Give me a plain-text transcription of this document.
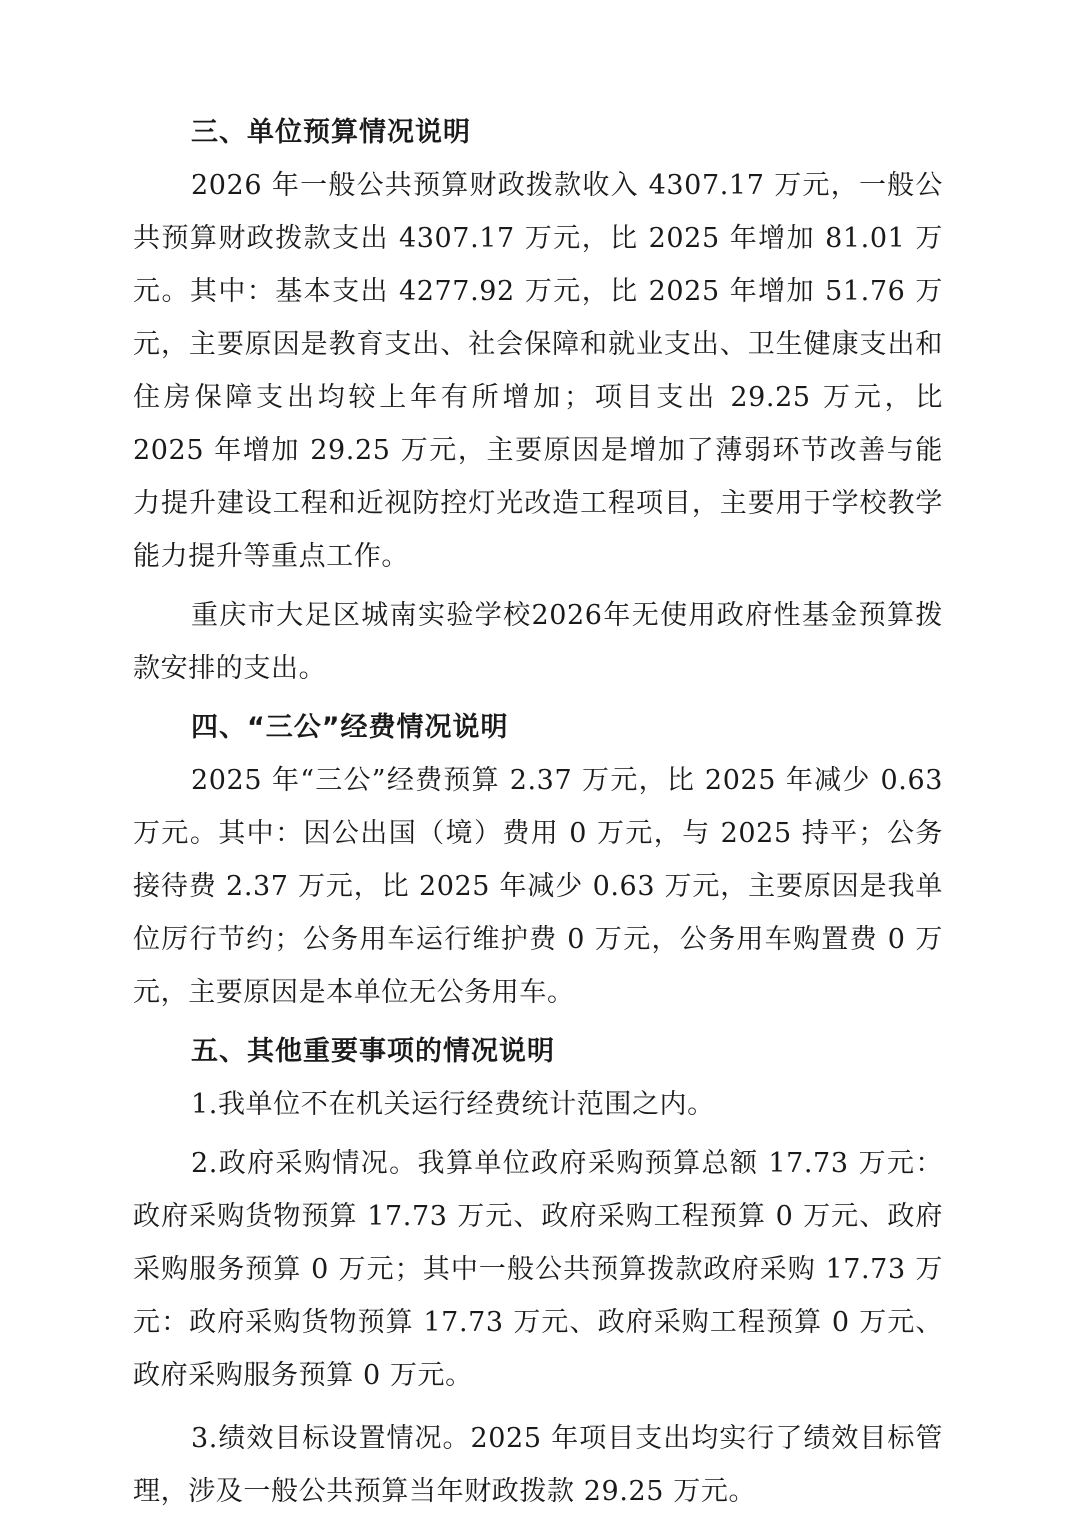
三、单位预算情况说明

2026 年一般公共预算财政拨款收入 4307.17 万元，一般公共预算财政拨款支出 4307.17 万元，比 2025 年增加 81.01 万元。其中：基本支出 4277.92 万元，比 2025 年增加 51.76 万元，主要原因是教育支出、社会保障和就业支出、卫生健康支出和住房保障支出均较上年有所增加；项目支出 29.25 万元，比 2025 年增加 29.25 万元，主要原因是增加了薄弱环节改善与能力提升建设工程和近视防控灯光改造工程项目，主要用于学校教学能力提升等重点工作。

重庆市大足区城南实验学校2026年无使用政府性基金预算拨款安排的支出。

四、“三公”经费情况说明

2025 年“三公”经费预算 2.37 万元，比 2025 年减少 0.63 万元。其中：因公出国（境）费用 0 万元，与 2025 持平；公务接待费 2.37 万元，比 2025 年减少 0.63 万元，主要原因是我单位厉行节约；公务用车运行维护费 0 万元，公务用车购置费 0 万元，主要原因是本单位无公务用车。

五、其他重要事项的情况说明

1.我单位不在机关运行经费统计范围之内。

2.政府采购情况。我算单位政府采购预算总额 17.73 万元：政府采购货物预算 17.73 万元、政府采购工程预算 0 万元、政府采购服务预算 0 万元；其中一般公共预算拨款政府采购 17.73 万元：政府采购货物预算 17.73 万元、政府采购工程预算 0 万元、政府采购服务预算 0 万元。

3.绩效目标设置情况。2025 年项目支出均实行了绩效目标管理，涉及一般公共预算当年财政拨款 29.25 万元。
